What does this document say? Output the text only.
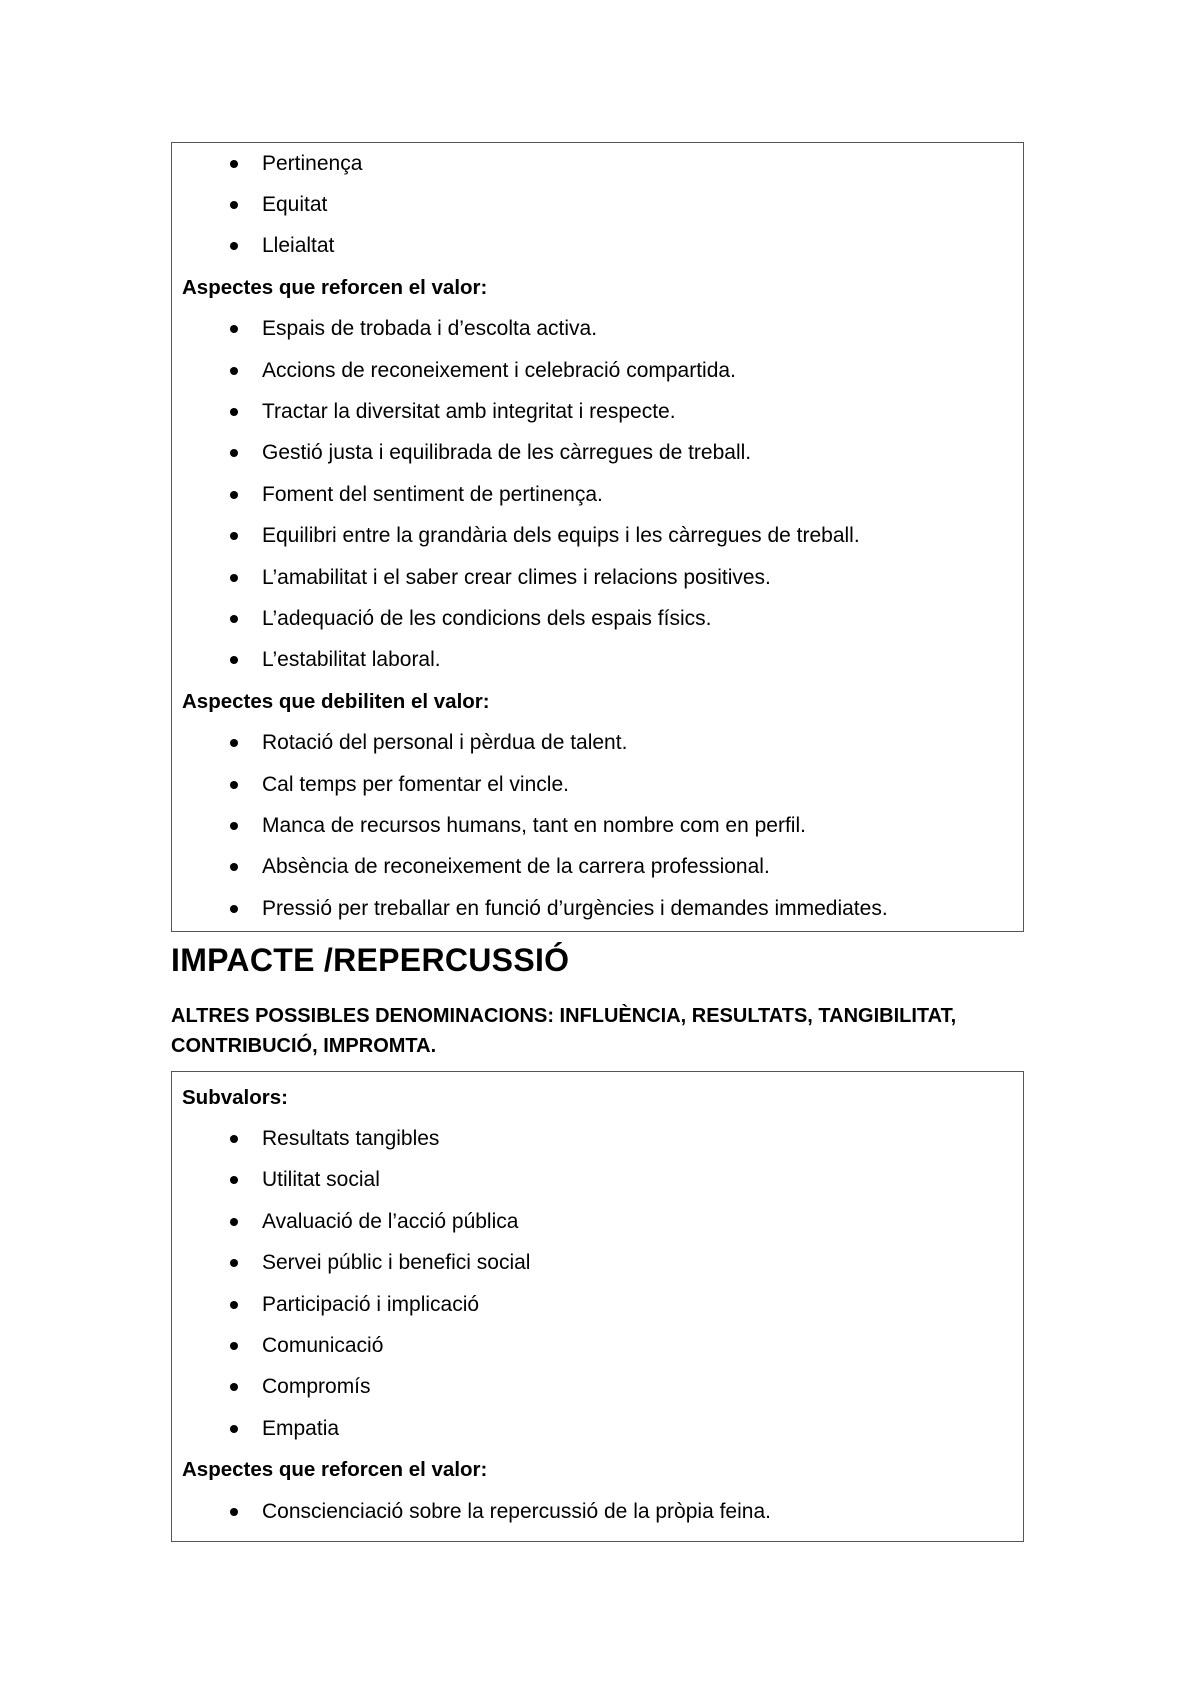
Pertinença
Equitat
Lleialtat
Aspectes que reforcen el valor:
Espais de trobada i d’escolta activa.
Accions de reconeixement i celebració compartida.
Tractar la diversitat amb integritat i respecte.
Gestió justa i equilibrada de les càrregues de treball.
Foment del sentiment de pertinença.
Equilibri entre la grandària dels equips i les càrregues de treball.
L’amabilitat i el saber crear climes i relacions positives.
L’adequació de les condicions dels espais físics.
L’estabilitat laboral.
Aspectes que debiliten el valor:
Rotació del personal i pèrdua de talent.
Cal temps per fomentar el vincle.
Manca de recursos humans, tant en nombre com en perfil.
Absència de reconeixement de la carrera professional.
Pressió per treballar en funció d’urgències i demandes immediates.
IMPACTE /REPERCUSSIÓ
ALTRES POSSIBLES DENOMINACIONS: INFLUÈNCIA, RESULTATS, TANGIBILITAT, CONTRIBUCIÓ, IMPROMTA.
Subvalors:
Resultats tangibles
Utilitat social
Avaluació de l’acció pública
Servei públic i benefici social
Participació i implicació
Comunicació
Compromís
Empatia
Aspectes que reforcen el valor:
Conscienciació sobre la repercussió de la pròpia feina.
